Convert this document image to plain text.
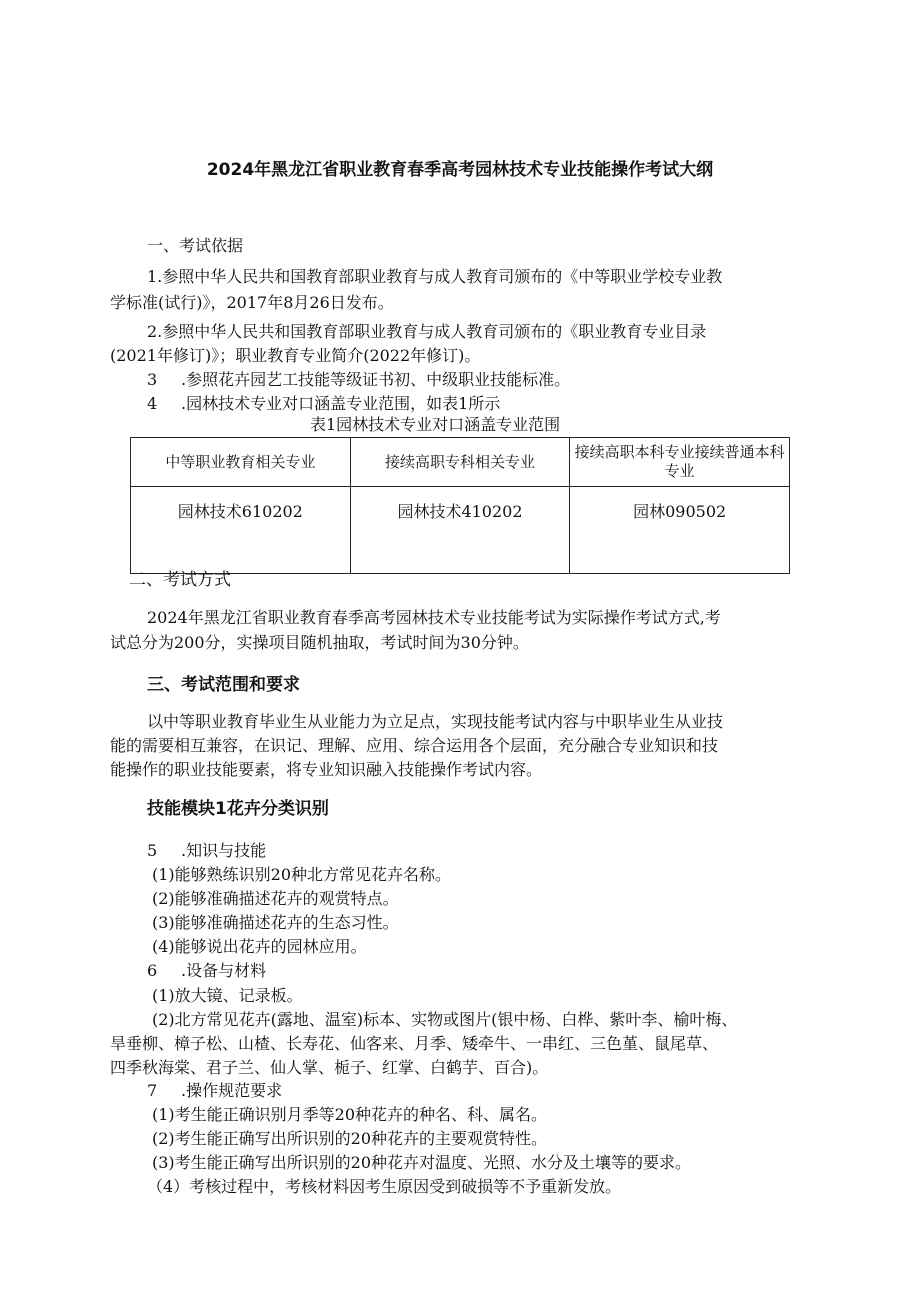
2024年黑龙江省职业教育春季高考园林技术专业技能操作考试大纲
一、考试依据
1.参照中华人民共和国教育部职业教育与成人教育司颁布的《中等职业学校专业教
学标准(试行)》，2017年8月26日发布。
2.参照中华人民共和国教育部职业教育与成人教育司颁布的《职业教育专业目录
(2021年修订)》；职业教育专业简介(2022年修订)。
3 .参照花卉园艺工技能等级证书初、中级职业技能标准。
4 .园林技术专业对口涵盖专业范围，如表1所示
表1园林技术专业对口涵盖专业范围
中等职业教育相关专业	接续高职专科相关专业	接续高职本科专业接续普通本科专业
园林技术610202	园林技术410202	园林090502
二、考试方式
2024年黑龙江省职业教育春季高考园林技术专业技能考试为实际操作考试方式,考
试总分为200分，实操项目随机抽取，考试时间为30分钟。
三、考试范围和要求
以中等职业教育毕业生从业能力为立足点，实现技能考试内容与中职毕业生从业技
能的需要相互兼容，在识记、理解、应用、综合运用各个层面，充分融合专业知识和技
能操作的职业技能要素，将专业知识融入技能操作考试内容。
技能模块1花卉分类识别
5 .知识与技能
(1)能够熟练识别20种北方常见花卉名称。
(2)能够准确描述花卉的观赏特点。
(3)能够准确描述花卉的生态习性。
(4)能够说出花卉的园林应用。
6 .设备与材料
(1)放大镜、记录板。
(2)北方常见花卉(露地、温室)标本、实物或图片(银中杨、白桦、紫叶李、榆叶梅、
旱垂柳、樟子松、山楂、长寿花、仙客来、月季、矮牵牛、一串红、三色堇、鼠尾草、
四季秋海棠、君子兰、仙人掌、栀子、红掌、白鹤芋、百合)。
7 .操作规范要求
(1)考生能正确识别月季等20种花卉的种名、科、属名。
(2)考生能正确写出所识别的20种花卉的主要观赏特性。
(3)考生能正确写出所识别的20种花卉对温度、光照、水分及土壤等的要求。
（4）考核过程中，考核材料因考生原因受到破损等不予重新发放。
